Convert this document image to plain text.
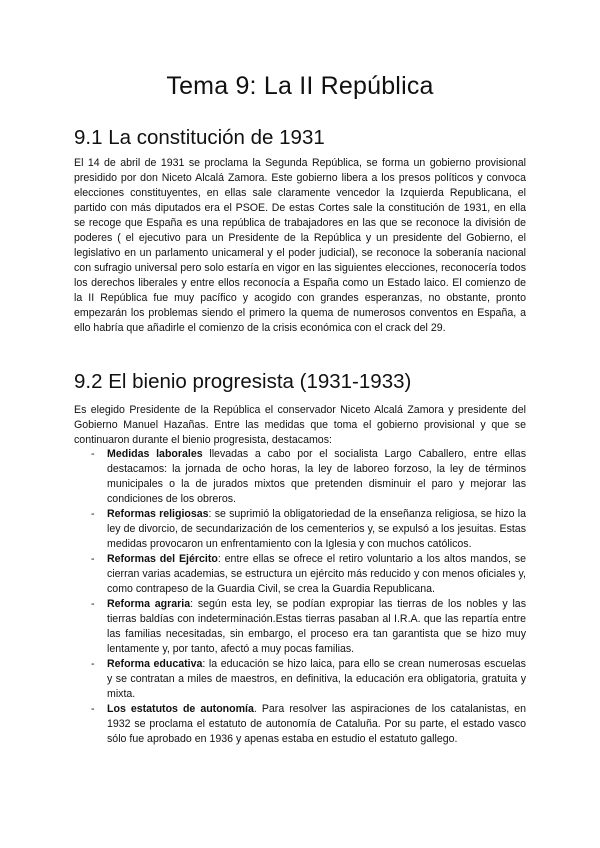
Tema 9: La II República
9.1 La constitución de 1931

El 14 de abril de 1931 se proclama la Segunda República, se forma un gobierno provisional presidido por don Niceto Alcalá Zamora. Este gobierno libera a los presos políticos y convoca elecciones constituyentes, en ellas sale claramente vencedor la Izquierda Republicana, el partido con más diputados era el PSOE. De estas Cortes sale la constitución de 1931, en ella se recoge que España es una república de trabajadores en las que se reconoce la división de poderes ( el ejecutivo para un Presidente de la República y un presidente del Gobierno, el legislativo en un parlamento unicameral y el poder judicial), se reconoce la soberanía nacional con sufragio universal pero solo estaría en vigor en las siguientes elecciones, reconocería todos los derechos liberales y entre ellos reconocía a España como un Estado laico. El comienzo de la II República fue muy pacífico y acogido con grandes esperanzas, no obstante, pronto empezarán los problemas siendo el primero la quema de numerosos conventos en España, a ello habría que añadirle el comienzo de la crisis económica con el crack del 29.

9.2 El bienio progresista (1931-1933)

Es elegido Presidente de la República el conservador Niceto Alcalá Zamora y presidente del Gobierno Manuel Hazañas. Entre las medidas que toma el gobierno provisional y que se continuaron durante el bienio progresista, destacamos:

- Medidas laborales llevadas a cabo por el socialista Largo Caballero, entre ellas destacamos: la jornada de ocho horas, la ley de laboreo forzoso, la ley de términos municipales o la de jurados mixtos que pretenden disminuir el paro y mejorar las condiciones de los obreros.
- Reformas religiosas: se suprimió la obligatoriedad de la enseñanza religiosa, se hizo la ley de divorcio, de secundarización de los cementerios y, se expulsó a los jesuitas. Estas medidas provocaron un enfrentamiento con la Iglesia y con muchos católicos.
- Reformas del Ejército: entre ellas se ofrece el retiro voluntario a los altos mandos, se cierran varias academias, se estructura un ejército más reducido y con menos oficiales y, como contrapeso de la Guardia Civil, se crea la Guardia Republicana.
- Reforma agraria: según esta ley, se podían expropiar las tierras de los nobles y las tierras baldías con indeterminación.Estas tierras pasaban al I.R.A. que las repartía entre las familias necesitadas, sin embargo, el proceso era tan garantista que se hizo muy lentamente y, por tanto, afectó a muy pocas familias.
- Reforma educativa: la educación se hizo laica, para ello se crean numerosas escuelas y se contratan a miles de maestros, en definitiva, la educación era obligatoria, gratuita y mixta.
- Los estatutos de autonomía. Para resolver las aspiraciones de los catalanistas, en 1932 se proclama el estatuto de autonomía de Cataluña. Por su parte, el estado vasco sólo fue aprobado en 1936 y apenas estaba en estudio el estatuto gallego.
